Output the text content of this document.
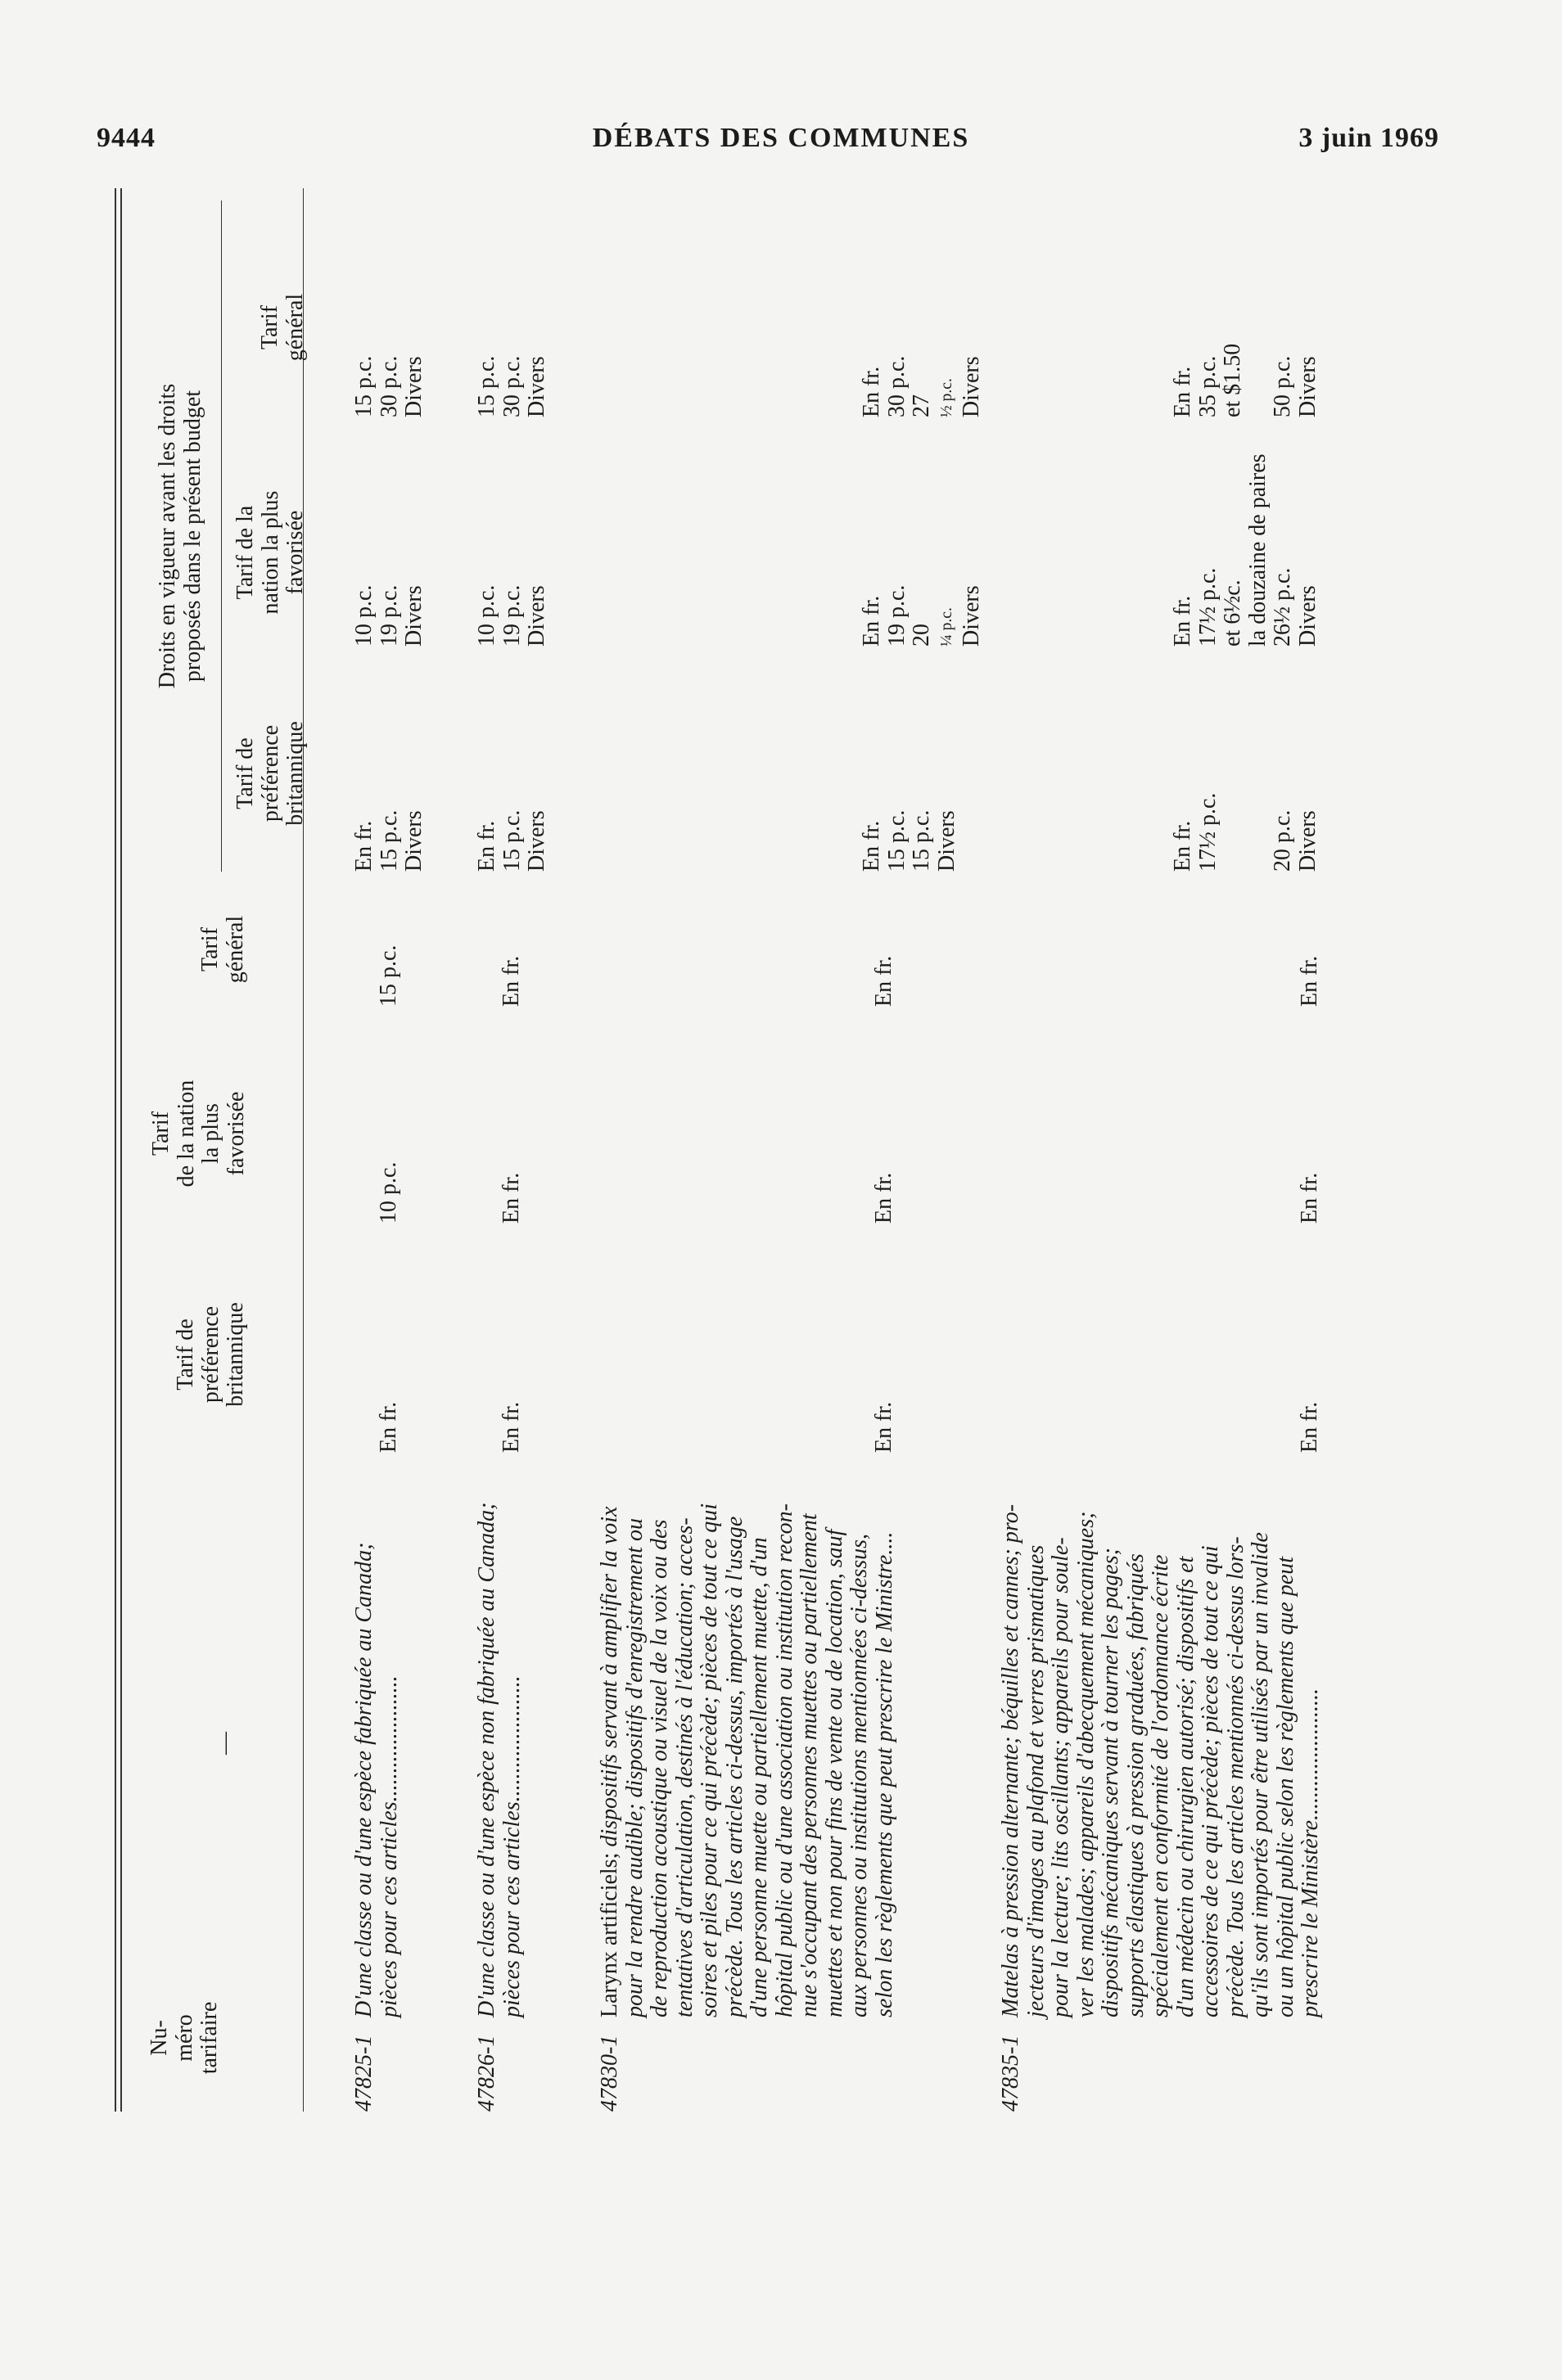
9444	DÉBATS DES COMMUNES	3 juin 1969
Nu- méro tarifaire
—
Tarif de préférence britannique
Tarif de la nation la plus favorisée
Tarif général
Droits en vigueur avant les droits proposés dans le présent budget
Tarif de préférence britannique
Tarif de la nation la plus favorisée
Tarif général
47825-1
D'une classe ou d'une espèce fabriquée au Canada; pièces pour ces articles......................
En fr.
10 p.c.
15 p.c.
En fr. 15 p.c. Divers
10 p.c. 19 p.c. Divers
15 p.c. 30 p.c. Divers
47826-1
D'une classe ou d'une espèce non fabriquée au Canada; pièces pour ces articles......................
En fr.
En fr.
En fr.
En fr. 15 p.c. Divers
10 p.c. 19 p.c. Divers
15 p.c. 30 p.c. Divers
47830-1
Larynx artificiels; dispositifs servant à amplifier la voix pour la rendre audible; dispositifs d'enregistrement ou de reproduction acoustique ou visuel de la voix ou des tentatives d'articulation, destinés à l'éducation; acces- soires et piles pour ce qui précède; pièces de tout ce qui précède. Tous les articles ci-dessus, importés à l'usage d'une personne muette ou partiellement muette, d'un hôpital public ou d'une association ou institution recon- nue s'occupant des personnes muettes ou partiellement muettes et non pour fins de vente ou de location, sauf aux personnes ou institutions mentionnées ci-dessus, selon les règlements que peut prescrire le Ministre....
En fr.
En fr.
En fr.
En fr. 15 p.c. 15 p.c. Divers
En fr. 19 p.c. 20 ¼ p.c. Divers
En fr. 30 p.c. 27 ½ p.c. Divers
47835-1
Matelas à pression alternante; béquilles et cannes; pro- jecteurs d'images au plafond et verres prismatiques pour la lecture; lits oscillants; appareils pour soule- ver les malades; appareils d'abecquement mécaniques; dispositifs mécaniques servant à tourner les pages; supports élastiques à pression graduées, fabriqués spécialement en conformité de l'ordonnance écrite d'un médecin ou chirurgien autorisé; dispositifs et accessoires de ce qui précède; pièces de tout ce qui précède. Tous les articles mentionnés ci-dessus lors- qu'ils sont importés pour être utilisés par un invalide ou un hôpital public selon les règlements que peut prescrire le Ministère.......................
En fr.
En fr.
En fr.
En fr. 17½ p.c.

20 p.c. Divers
En fr. 17½ p.c. et 6½c. la douzaine de paires 26½ p.c. Divers
En fr. 35 p.c. et $1.50
50 p.c. Divers
